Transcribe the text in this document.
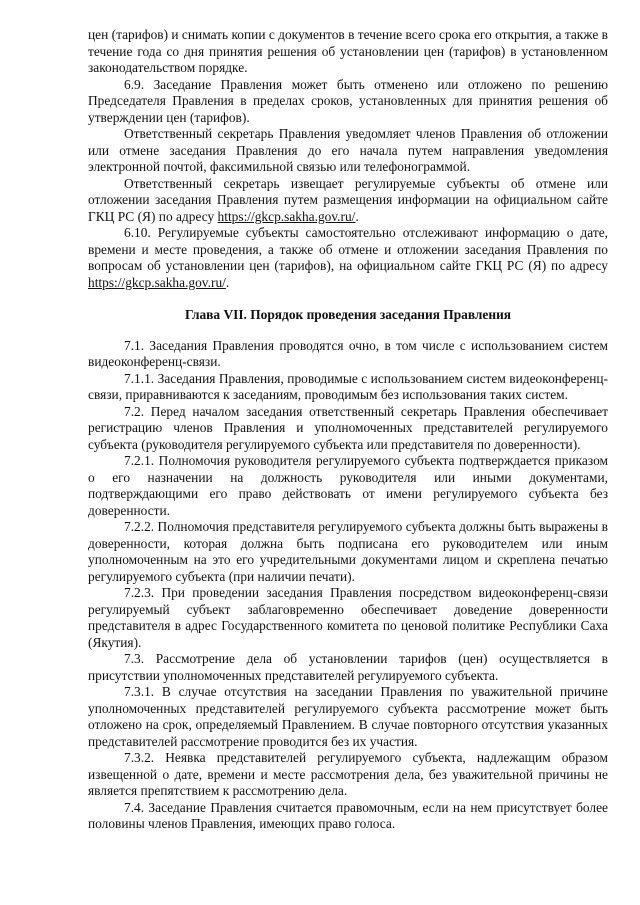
цен (тарифов) и снимать копии с документов в течение всего срока его открытия, а также в течение года со дня принятия решения об установлении цен (тарифов) в установленном законодательством порядке.

6.9. Заседание Правления может быть отменено или отложено по решению Председателя Правления в пределах сроков, установленных для принятия решения об утверждении цен (тарифов).

Ответственный секретарь Правления уведомляет членов Правления об отложении или отмене заседания Правления до его начала путем направления уведомления электронной почтой, факсимильной связью или телефонограммой.

Ответственный секретарь извещает регулируемые субъекты об отмене или отложении заседания Правления путем размещения информации на официальном сайте ГКЦ РС (Я) по адресу https://gkcp.sakha.gov.ru/.

6.10. Регулируемые субъекты самостоятельно отслеживают информацию о дате, времени и месте проведения, а также об отмене и отложении заседания Правления по вопросам об установлении цен (тарифов), на официальном сайте ГКЦ РС (Я) по адресу https://gkcp.sakha.gov.ru/.

Глава VII. Порядок проведения заседания Правления

7.1. Заседания Правления проводятся очно, в том числе с использованием систем видеоконференц-связи.

7.1.1. Заседания Правления, проводимые с использованием систем видеоконференц-связи, приравниваются к заседаниям, проводимым без использования таких систем.

7.2. Перед началом заседания ответственный секретарь Правления обеспечивает регистрацию членов Правления и уполномоченных представителей регулируемого субъекта (руководителя регулируемого субъекта или представителя по доверенности).

7.2.1. Полномочия руководителя регулируемого субъекта подтверждается приказом о его назначении на должность руководителя или иными документами, подтверждающими его право действовать от имени регулируемого субъекта без доверенности.

7.2.2. Полномочия представителя регулируемого субъекта должны быть выражены в доверенности, которая должна быть подписана его руководителем или иным уполномоченным на это его учредительными документами лицом и скреплена печатью регулируемого субъекта (при наличии печати).

7.2.3. При проведении заседания Правления посредством видеоконференц-связи регулируемый субъект заблаговременно обеспечивает доведение доверенности представителя в адрес Государственного комитета по ценовой политике Республики Саха (Якутия).

7.3. Рассмотрение дела об установлении тарифов (цен) осуществляется в присутствии уполномоченных представителей регулируемого субъекта.

7.3.1. В случае отсутствия на заседании Правления по уважительной причине уполномоченных представителей регулируемого субъекта рассмотрение может быть отложено на срок, определяемый Правлением. В случае повторного отсутствия указанных представителей рассмотрение проводится без их участия.

7.3.2. Неявка представителей регулируемого субъекта, надлежащим образом извещенной о дате, времени и месте рассмотрения дела, без уважительной причины не является препятствием к рассмотрению дела.

7.4. Заседание Правления считается правомочным, если на нем присутствует более половины членов Правления, имеющих право голоса.
